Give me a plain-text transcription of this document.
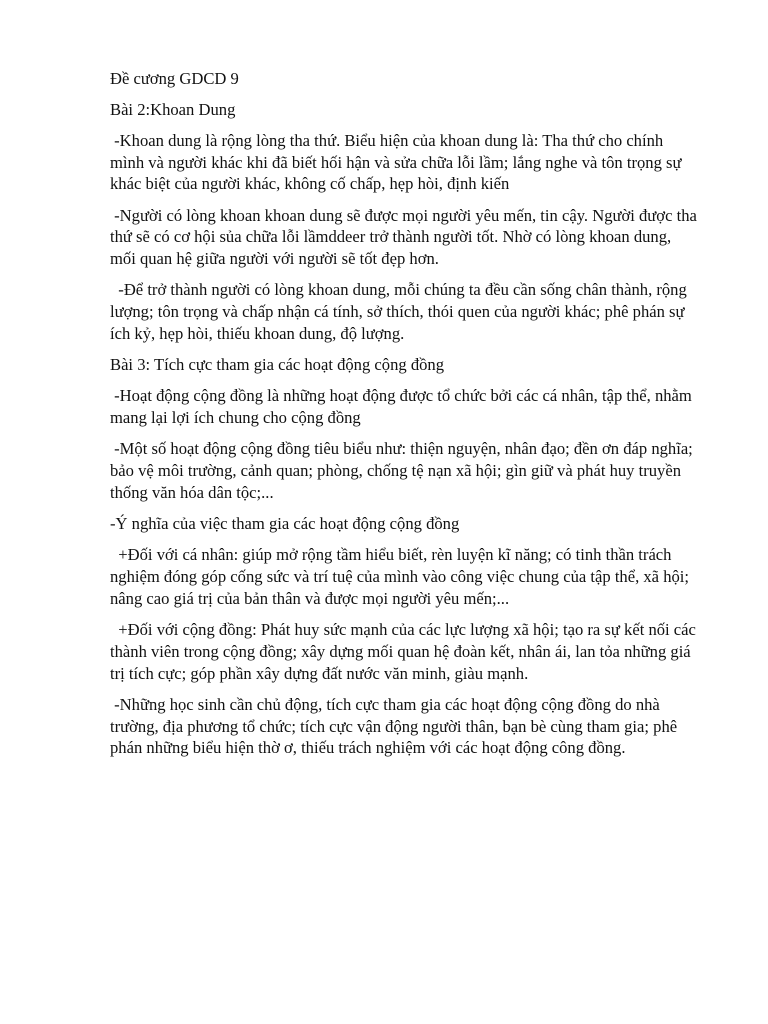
Đề cương GDCD 9

Bài 2:Khoan Dung

-Khoan dung là rộng lòng tha thứ. Biểu hiện của khoan dung là: Tha thứ cho chính mình và người khác khi đã biết hối hận và sửa chữa lỗi lầm; lắng nghe và tôn trọng sự khác biệt của người khác, không cố chấp, hẹp hòi, định kiến

-Người có lòng khoan khoan dung sẽ được mọi người yêu mến, tin cậy. Người được tha thứ sẽ có cơ hội sủa chữa lỗi lầmddeer trở thành người tốt. Nhờ có lòng khoan dung, mối quan hệ giữa người với người sẽ tốt đẹp hơn.

-Để trở thành người có lòng khoan dung, mỗi chúng ta đều cần sống chân thành, rộng lượng; tôn trọng và chấp nhận cá tính, sở thích, thói quen của người khác; phê phán sự ích kỷ, hẹp hòi, thiếu khoan dung, độ lượng.

Bài 3: Tích cực tham gia các hoạt động cộng đồng

-Hoạt động cộng đồng là những hoạt động được tổ chức bởi các cá nhân, tập thể, nhằm mang lại lợi ích chung cho cộng đồng

-Một số hoạt động cộng đồng tiêu biểu như: thiện nguyện, nhân đạo; đền ơn đáp nghĩa; bảo vệ môi trường, cảnh quan; phòng, chống tệ nạn xã hội; gìn giữ và phát huy truyền thống văn hóa dân tộc;...

-Ý nghĩa của việc tham gia các hoạt động cộng đồng

+Đối với cá nhân: giúp mở rộng tầm hiểu biết, rèn luyện kĩ năng; có tinh thần trách nghiệm đóng góp cống sức và trí tuệ của mình vào công việc chung của tập thể, xã hội; nâng cao giá trị của bản thân và được mọi người yêu mến;...

+Đối với cộng đồng: Phát huy sức mạnh của các lực lượng xã hội; tạo ra sự kết nối các thành viên trong cộng đồng; xây dựng mối quan hệ đoàn kết, nhân ái, lan tỏa những giá trị tích cực; góp phần xây dựng đất nước văn minh, giàu mạnh.

-Những học sinh cần chủ động, tích cực tham gia các hoạt động cộng đồng do nhà trường, địa phương tổ chức; tích cực vận động người thân, bạn bè cùng tham gia; phê phán những biểu hiện thờ ơ, thiếu trách nghiệm với các hoạt động công đồng.
